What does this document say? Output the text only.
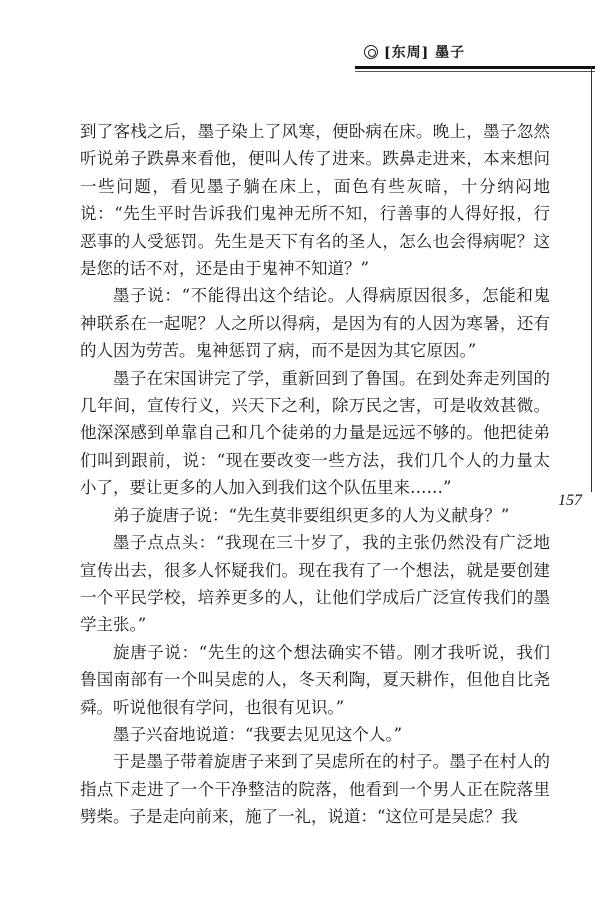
[东周] 墨子
157

到了客栈之后，墨子染上了风寒，便卧病在床。晚上，墨子忽然听说弟子跌鼻来看他，便叫人传了进来。跌鼻走进来，本来想问一些问题，看见墨子躺在床上，面色有些灰暗，十分纳闷地说：“先生平时告诉我们鬼神无所不知，行善事的人得好报，行恶事的人受惩罚。先生是天下有名的圣人，怎么也会得病呢？这是您的话不对，还是由于鬼神不知道？”

墨子说：“不能得出这个结论。人得病原因很多，怎能和鬼神联系在一起呢？人之所以得病，是因为有的人因为寒暑，还有的人因为劳苦。鬼神惩罚了病，而不是因为其它原因。”

墨子在宋国讲完了学，重新回到了鲁国。在到处奔走列国的几年间，宣传行义，兴天下之利，除万民之害，可是收效甚微。他深深感到单靠自己和几个徒弟的力量是远远不够的。他把徒弟们叫到跟前，说：“现在要改变一些方法，我们几个人的力量太小了，要让更多的人加入到我们这个队伍里来……”

弟子旋唐子说：“先生莫非要组织更多的人为义献身？”

墨子点点头：“我现在三十岁了，我的主张仍然没有广泛地宣传出去，很多人怀疑我们。现在我有了一个想法，就是要创建一个平民学校，培养更多的人，让他们学成后广泛宣传我们的墨学主张。”

旋唐子说：“先生的这个想法确实不错。刚才我听说，我们鲁国南部有一个叫吴虑的人，冬天利陶，夏天耕作，但他自比尧舜。听说他很有学问，也很有见识。”

墨子兴奋地说道：“我要去见见这个人。”

于是墨子带着旋唐子来到了吴虑所在的村子。墨子在村人的指点下走进了一个干净整洁的院落，他看到一个男人正在院落里劈柴。子是走向前来，施了一礼，说道：“这位可是吴虑？我
